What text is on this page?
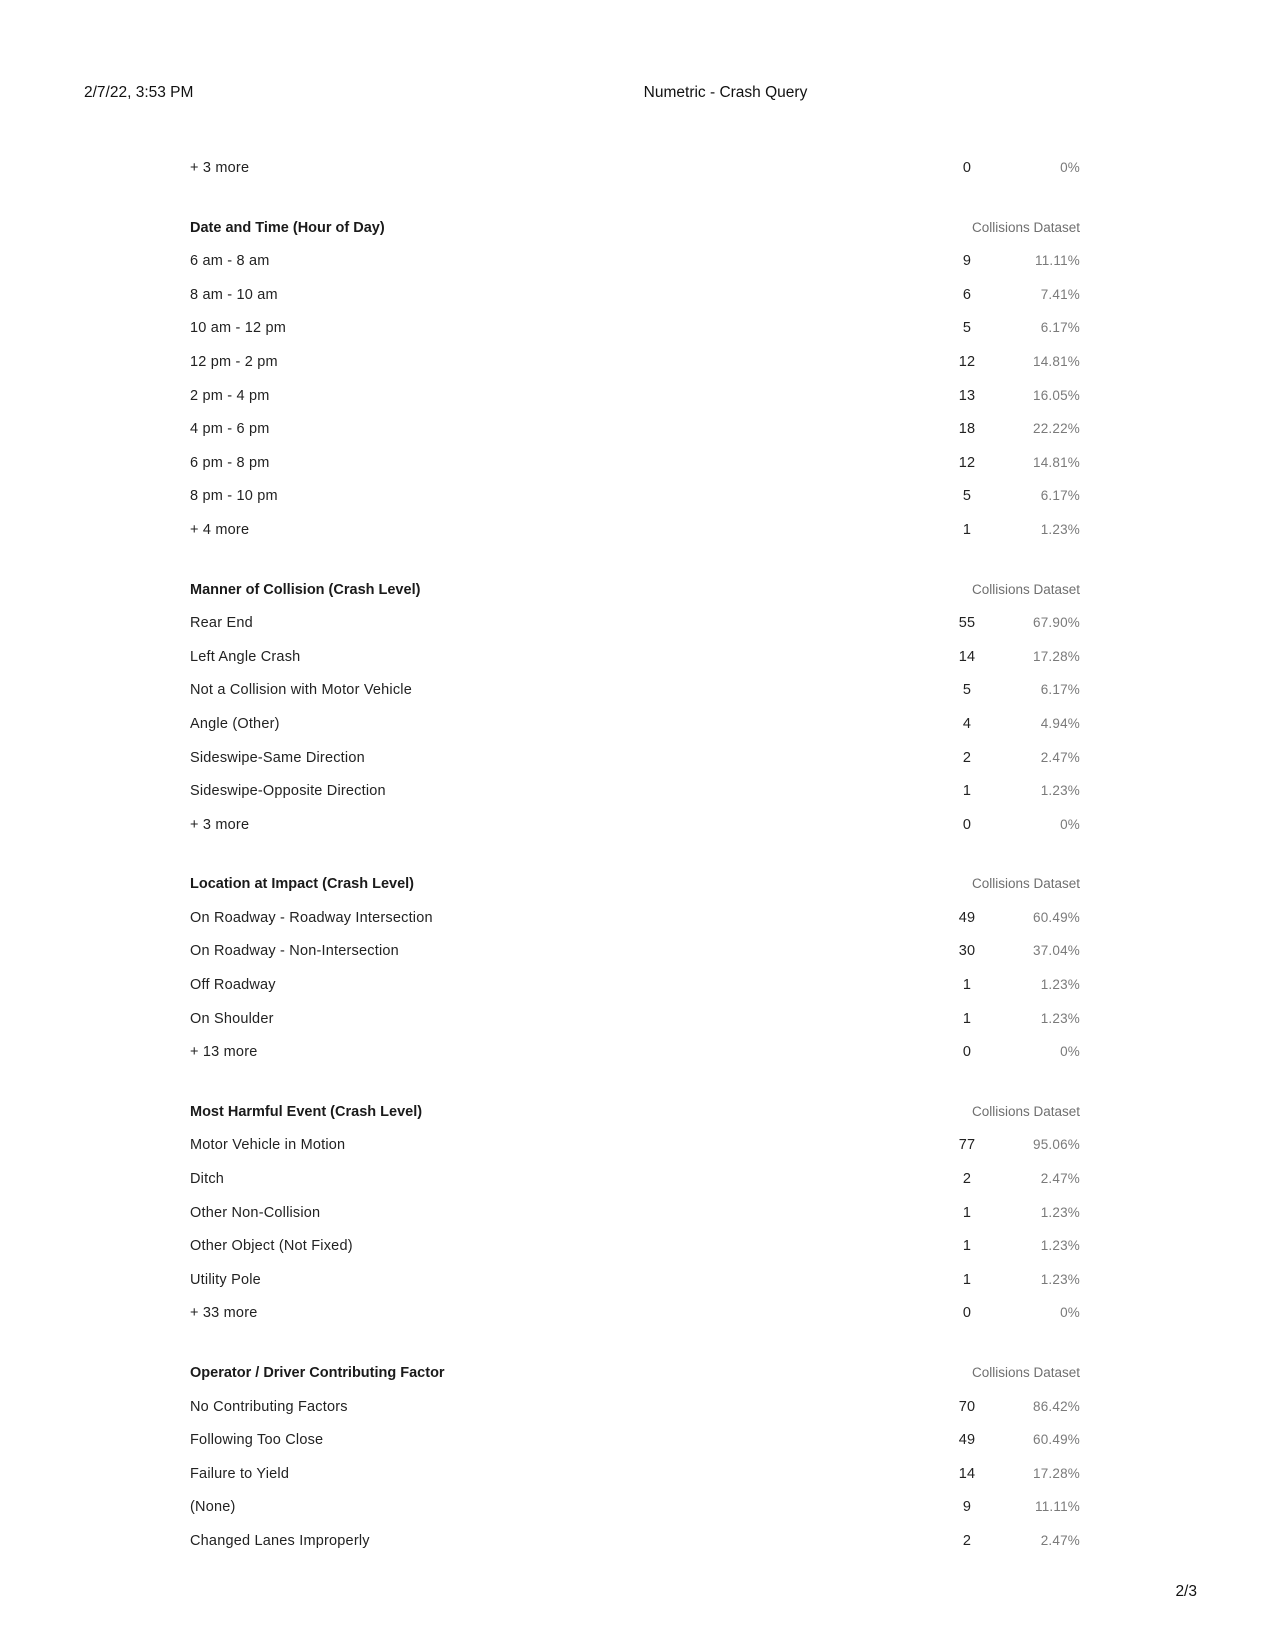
2/7/22, 3:53 PM	Numetric - Crash Query
+ 3 more	0	0%
Date and Time (Hour of Day)	Collisions Dataset
6 am - 8 am	9	11.11%
8 am - 10 am	6	7.41%
10 am - 12 pm	5	6.17%
12 pm - 2 pm	12	14.81%
2 pm - 4 pm	13	16.05%
4 pm - 6 pm	18	22.22%
6 pm - 8 pm	12	14.81%
8 pm - 10 pm	5	6.17%
+ 4 more	1	1.23%
Manner of Collision (Crash Level)	Collisions Dataset
Rear End	55	67.90%
Left Angle Crash	14	17.28%
Not a Collision with Motor Vehicle	5	6.17%
Angle (Other)	4	4.94%
Sideswipe-Same Direction	2	2.47%
Sideswipe-Opposite Direction	1	1.23%
+ 3 more	0	0%
Location at Impact (Crash Level)	Collisions Dataset
On Roadway - Roadway Intersection	49	60.49%
On Roadway - Non-Intersection	30	37.04%
Off Roadway	1	1.23%
On Shoulder	1	1.23%
+ 13 more	0	0%
Most Harmful Event (Crash Level)	Collisions Dataset
Motor Vehicle in Motion	77	95.06%
Ditch	2	2.47%
Other Non-Collision	1	1.23%
Other Object (Not Fixed)	1	1.23%
Utility Pole	1	1.23%
+ 33 more	0	0%
Operator / Driver Contributing Factor	Collisions Dataset
No Contributing Factors	70	86.42%
Following Too Close	49	60.49%
Failure to Yield	14	17.28%
(None)	9	11.11%
Changed Lanes Improperly	2	2.47%
2/3
